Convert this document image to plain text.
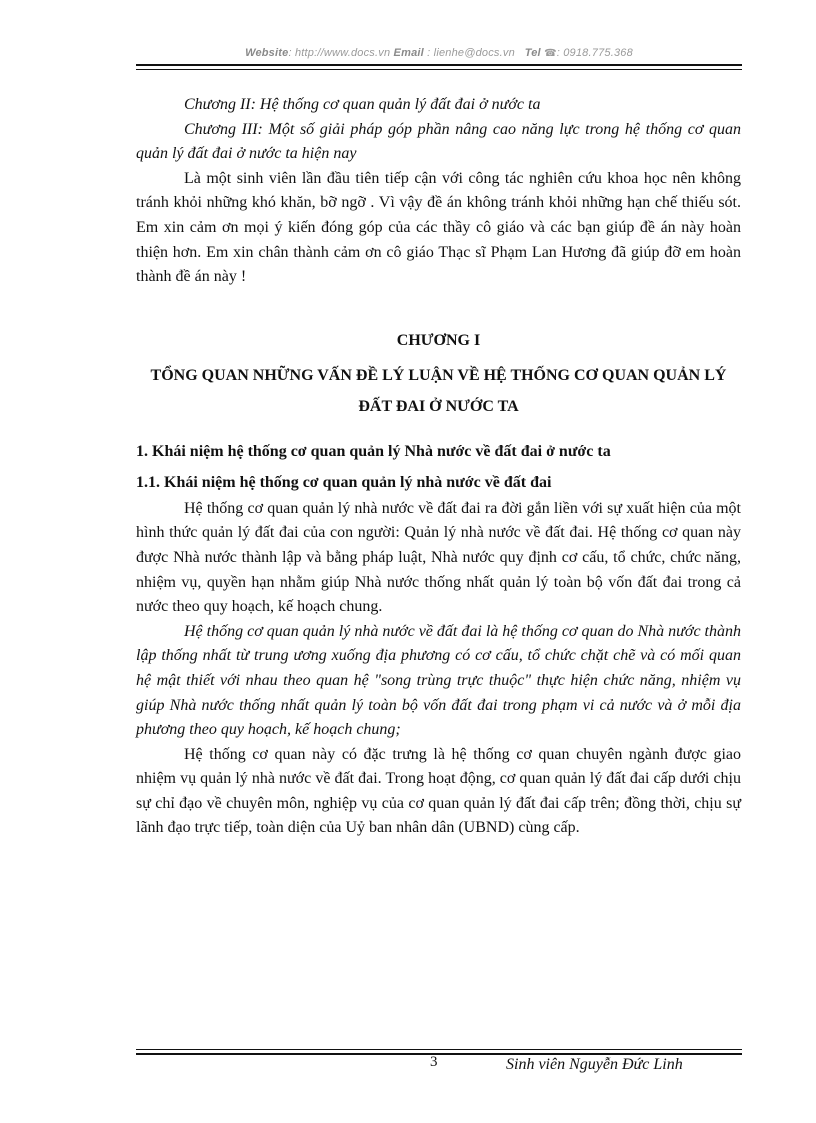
Website: http://www.docs.vn Email : lienhe@docs.vn Tel ☎: 0918.775.368

Chương II: Hệ thống cơ quan quản lý đất đai ở nước ta

Chương III: Một số giải pháp góp phần nâng cao năng lực trong hệ thống cơ quan quản lý đất đai ở nước ta hiện nay

Là một sinh viên lần đầu tiên tiếp cận với công tác nghiên cứu khoa học nên không tránh khỏi những khó khăn, bỡ ngỡ . Vì vậy đề án không tránh khỏi những hạn chế thiếu sót. Em xin cảm ơn mọi ý kiến đóng góp của các thầy cô giáo và các bạn giúp đề án này hoàn thiện hơn. Em xin chân thành cảm ơn cô giáo Thạc sĩ Phạm Lan Hương đã giúp đỡ em hoàn thành đề án này !

CHƯƠNG I
TỔNG QUAN NHỮNG VẤN ĐỀ LÝ LUẬN VỀ HỆ THỐNG CƠ QUAN QUẢN LÝ ĐẤT ĐAI Ở NƯỚC TA
1. Khái niệm hệ thống cơ quan quản lý Nhà nước về đất đai ở nước ta
1.1. Khái niệm hệ thống cơ quan quản lý nhà nước về đất đai

Hệ thống cơ quan quản lý nhà nước về đất đai ra đời gắn liền với sự xuất hiện của một hình thức quản lý đất đai của con người: Quản lý nhà nước về đất đai. Hệ thống cơ quan này được Nhà nước thành lập và bằng pháp luật, Nhà nước quy định cơ cấu, tổ chức, chức năng, nhiệm vụ, quyền hạn nhằm giúp Nhà nước thống nhất quản lý toàn bộ vốn đất đai trong cả nước theo quy hoạch, kế hoạch chung.

Hệ thống cơ quan quản lý nhà nước về đất đai là hệ thống cơ quan do Nhà nước thành lập thống nhất từ trung ương xuống địa phương có cơ cấu, tổ chức chặt chẽ và có mối quan hệ mật thiết với nhau theo quan hệ "song trùng trực thuộc" thực hiện chức năng, nhiệm vụ giúp Nhà nước thống nhất quản lý toàn bộ vốn đất đai trong phạm vi cả nước và ở mỗi địa phương theo quy hoạch, kế hoạch chung;

Hệ thống cơ quan này có đặc trưng là hệ thống cơ quan chuyên ngành được giao nhiệm vụ quản lý nhà nước về đất đai. Trong hoạt động, cơ quan quản lý đất đai cấp dưới chịu sự chỉ đạo về chuyên môn, nghiệp vụ của cơ quan quản lý đất đai cấp trên; đồng thời, chịu sự lãnh đạo trực tiếp, toàn diện của Uỷ ban nhân dân (UBND) cùng cấp.

3	Sinh viên Nguyễn Đức Linh
